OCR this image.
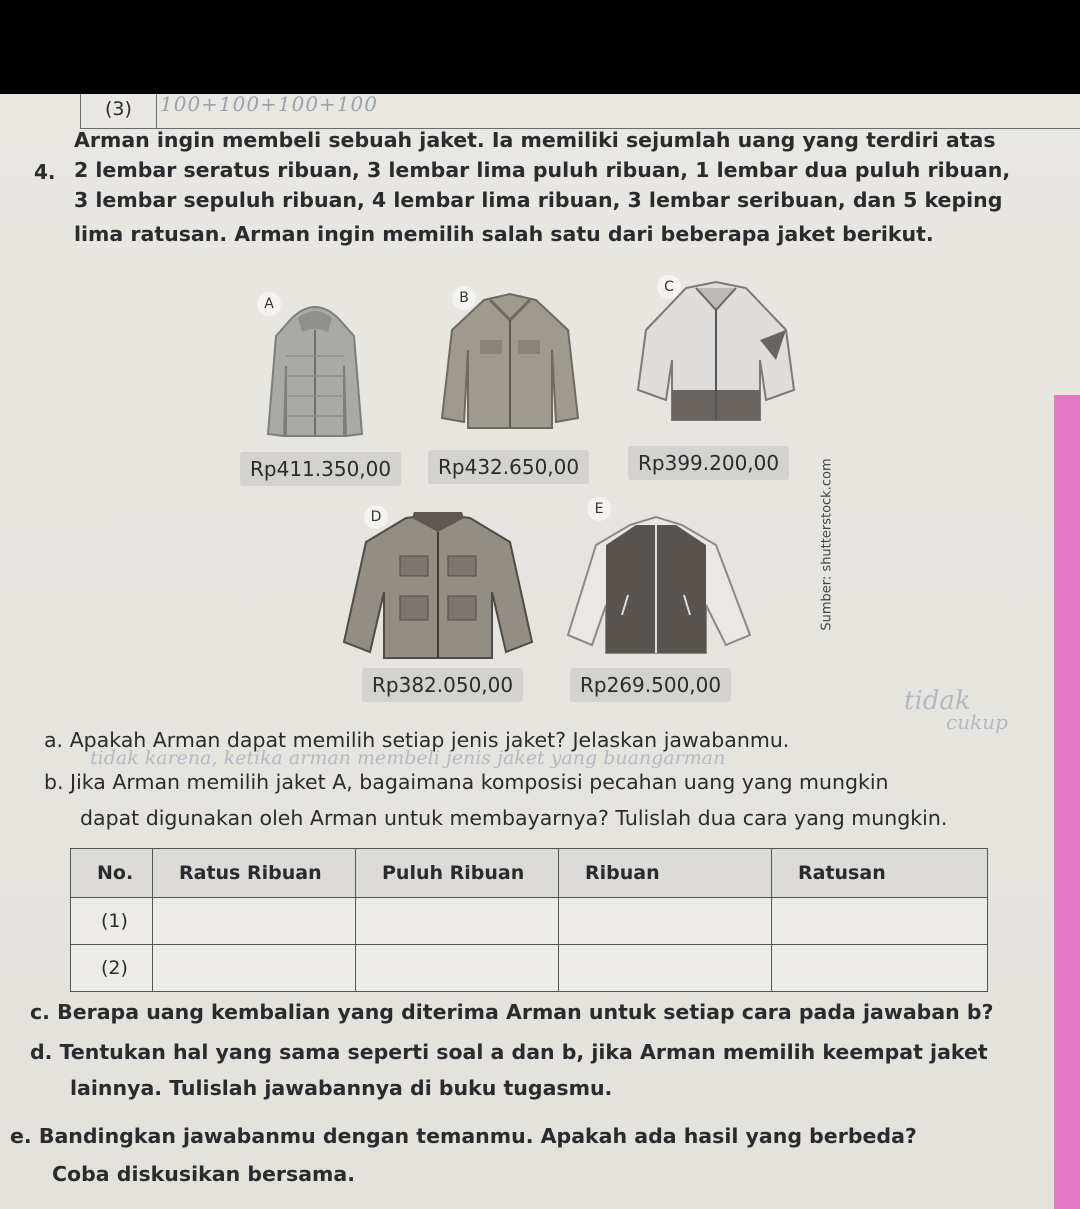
(3) 100+100+100+100
4.
Arman ingin membeli sebuah jaket. Ia memiliki sejumlah uang yang terdiri atas
2 lembar seratus ribuan, 3 lembar lima puluh ribuan, 1 lembar dua puluh ribuan,
3 lembar sepuluh ribuan, 4 lembar lima ribuan, 3 lembar seribuan, dan 5 keping
lima ratusan. Arman ingin memilih salah satu dari beberapa jaket berikut.
A	B
C
Rp411.350,00	Rp432.650,00	Rp399.200,00
D	E
Rp382.050,00	Rp269.500,00
Sumber: shutterstock.com
tidak
cukup
a. Apakah Arman dapat memilih setiap jenis jaket? Jelaskan jawabanmu.
tidak karena, ketika arman membeli jenis jaket yang buangarman
b. Jika Arman memilih jaket A, bagaimana komposisi pecahan uang yang mungkin
dapat digunakan oleh Arman untuk membayarnya? Tulislah dua cara yang mungkin.
No.	Ratus Ribuan	Puluh Ribuan	Ribuan	Ratusan
(1)				
(2)				
c. Berapa uang kembalian yang diterima Arman untuk setiap cara pada jawaban b?
d. Tentukan hal yang sama seperti soal a dan b, jika Arman memilih keempat jaket
lainnya. Tulislah jawabannya di buku tugasmu.
e. Bandingkan jawabanmu dengan temanmu. Apakah ada hasil yang berbeda?
Coba diskusikan bersama.
